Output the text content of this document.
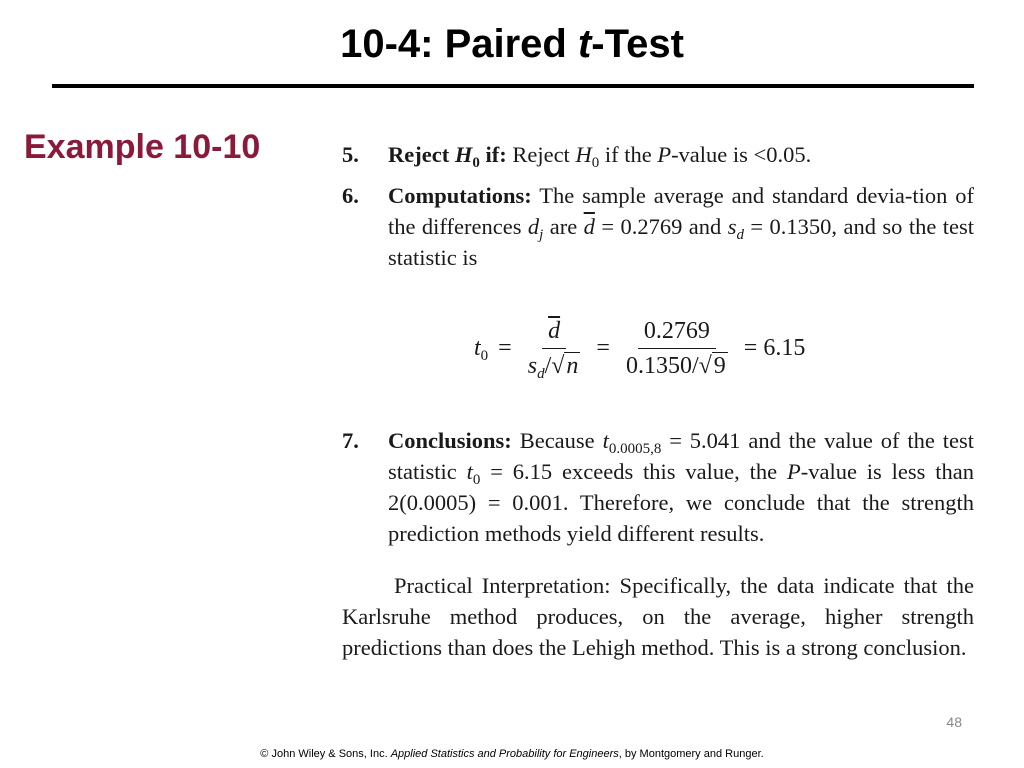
10-4: Paired t-Test
Example 10-10	5.	Reject $H_0$ if: Reject $H_0$ if the P-value is <0.05.
6.	Computations: The sample average and standard devia-tion of the differences $d_j$ are $\overline{d} = 0.2769$ and $s_d = 0.1350$, and so the test statistic is
$t_0 = \frac{\overline{d}}{s_d/√n} = \frac{0.2769}{0.1350/√9} = 6.15$
7.	Conclusions: Because $t_{0.0005,8} = 5.041$ and the value of the test statistic $t_0 = 6.15$ exceeds this value, the P-value is less than 2(0.0005) = 0.001. Therefore, we conclude that the strength prediction methods yield different results.
Practical Interpretation: Specifically, the data indicate that the Karlsruhe method produces, on the average, higher strength predictions than does the Lehigh method. This is a strong conclusion.
48
© John Wiley & Sons, Inc. Applied Statistics and Probability for Engineers, by Montgomery and Runger.
